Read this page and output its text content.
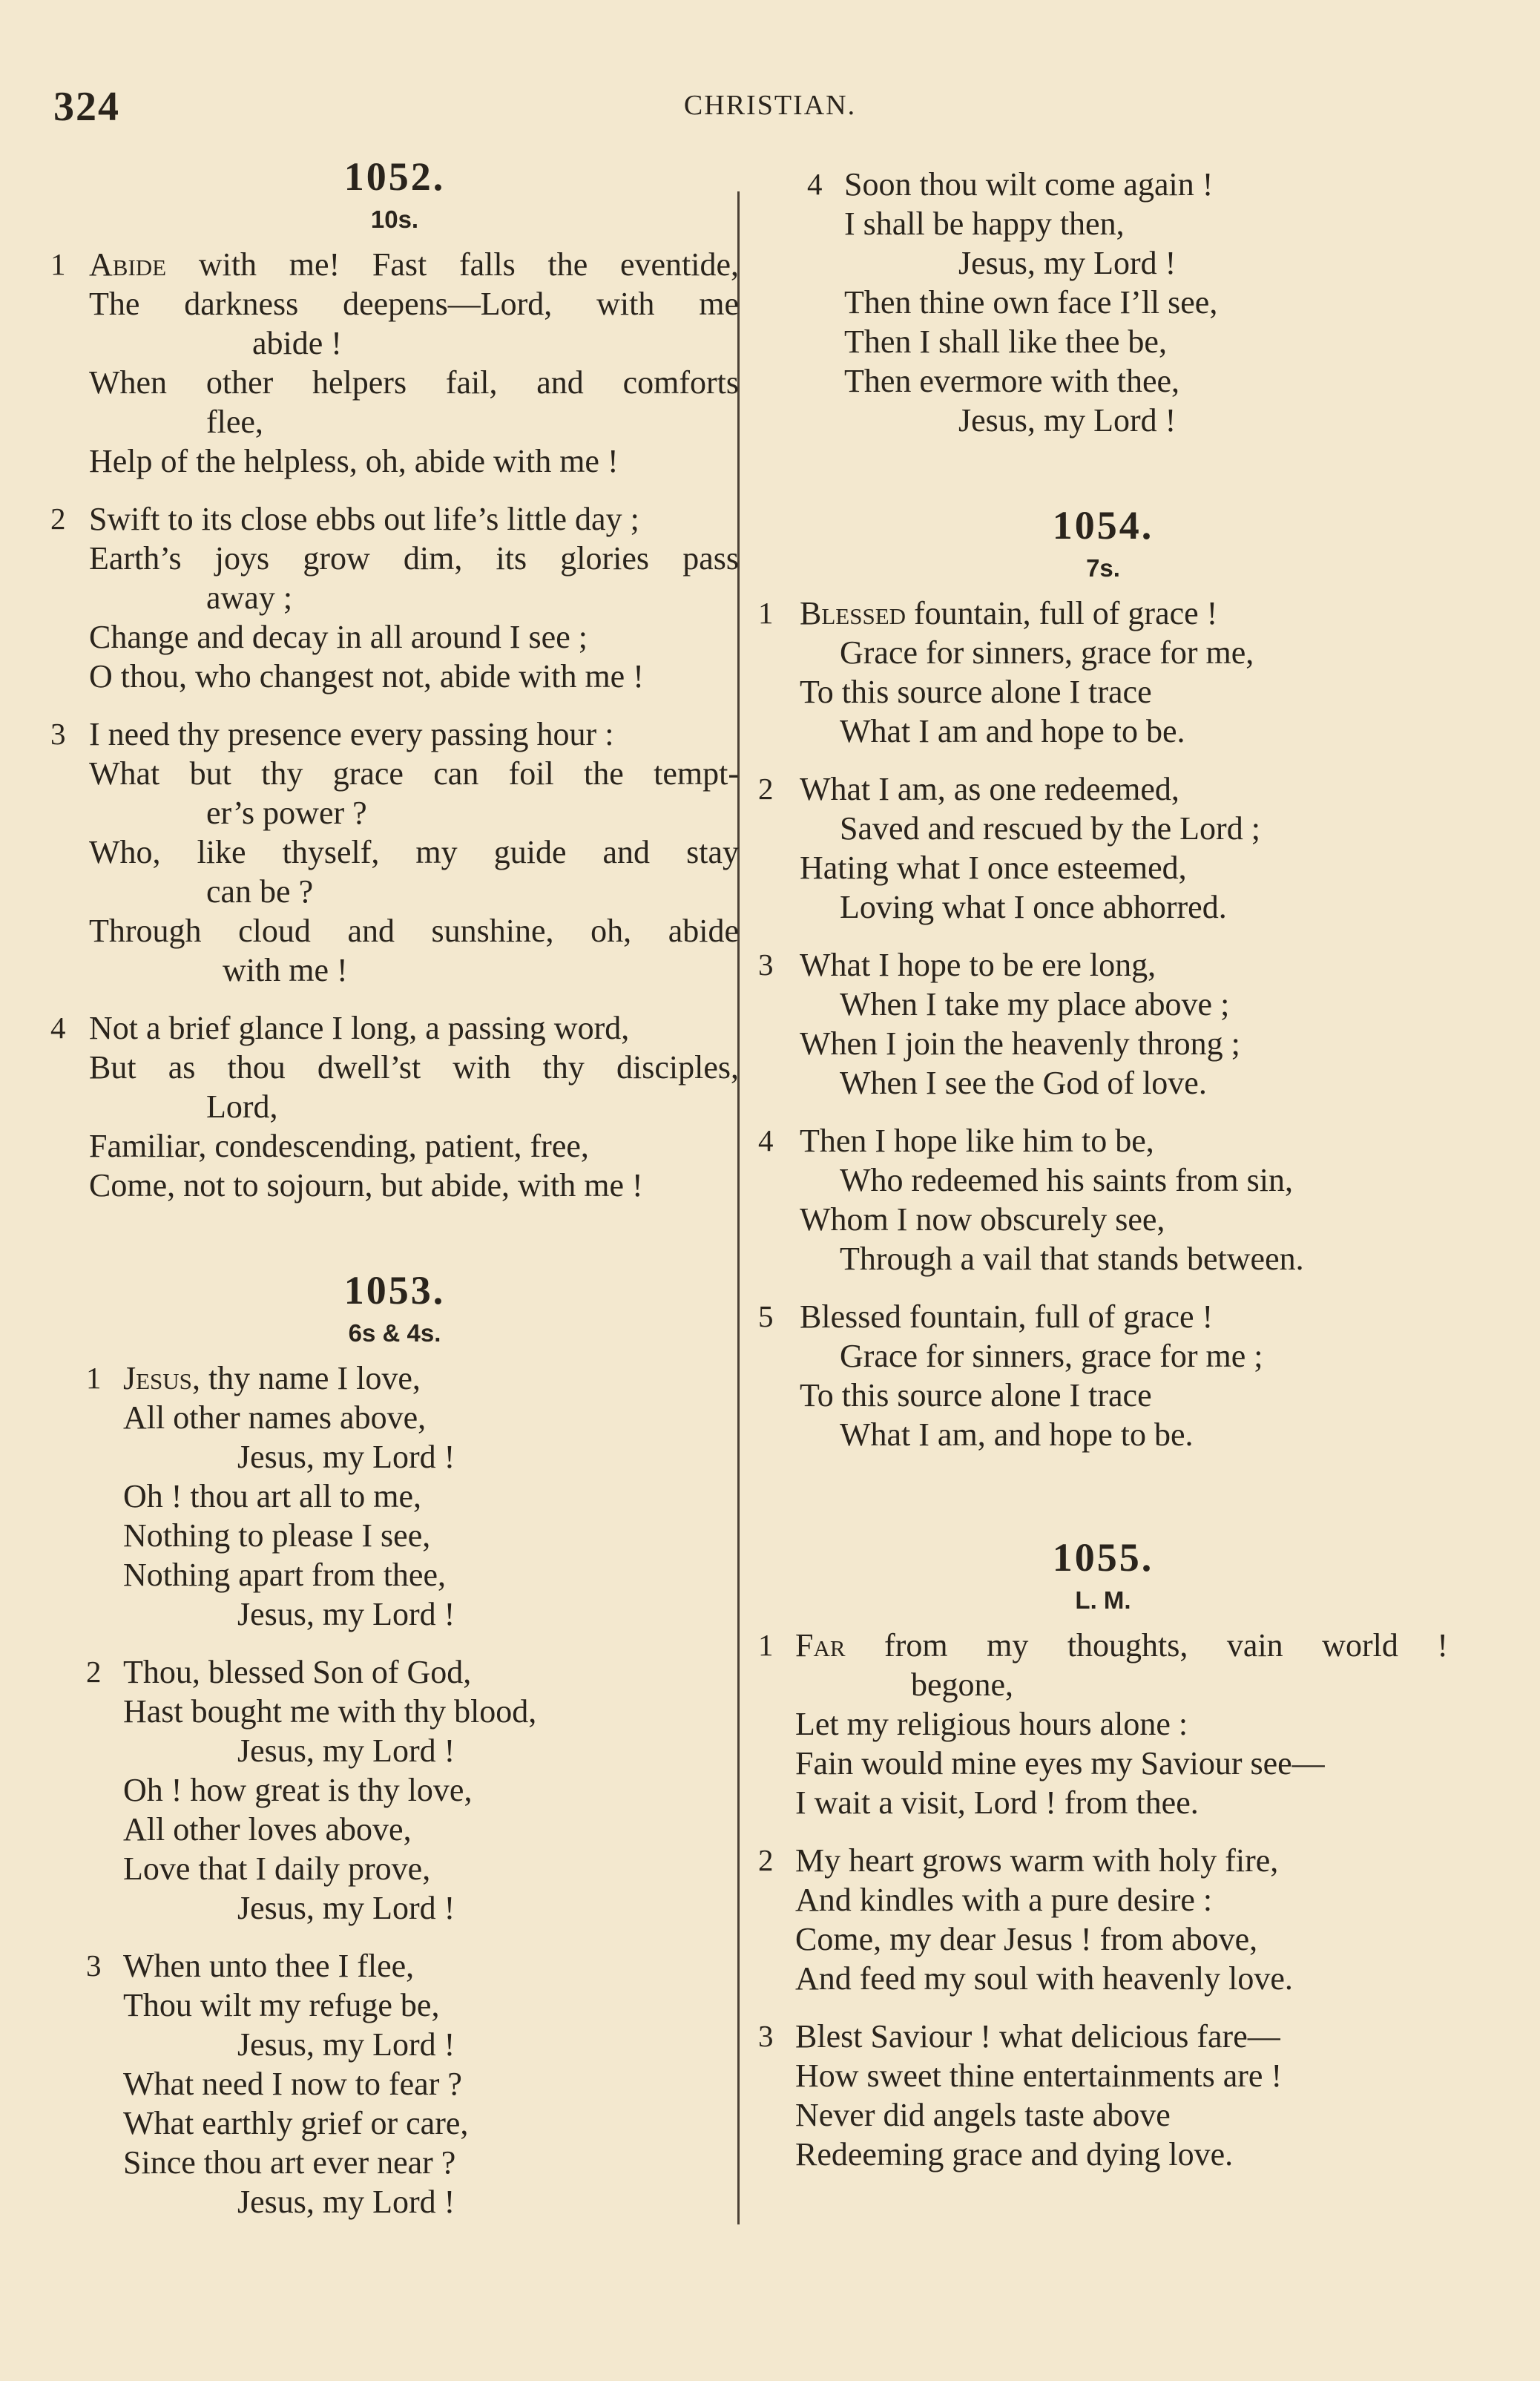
324	CHRISTIAN.
1052.
10s.
1 Abide with me! Fast falls the eventide,
The darkness deepens—Lord, with me
abide !
When other helpers fail, and comforts
flee,
Help of the helpless, oh, abide with me !
2 Swift to its close ebbs out life’s little day ;
Earth’s joys grow dim, its glories pass
away ;
Change and decay in all around I see ;
O thou, who changest not, abide with me !
3 I need thy presence every passing hour :
What but thy grace can foil the tempt-
er’s power ?
Who, like thyself, my guide and stay
can be ?
Through cloud and sunshine, oh, abide
with me !
4 Not a brief glance I long, a passing word,
But as thou dwell’st with thy disciples,
Lord,
Familiar, condescending, patient, free,
Come, not to sojourn, but abide, with me !
1053.
6s & 4s.
1 Jesus, thy name I love,
All other names above,
Jesus, my Lord !
Oh ! thou art all to me,
Nothing to please I see,
Nothing apart from thee,
Jesus, my Lord !
2 Thou, blessed Son of God,
Hast bought me with thy blood,
Jesus, my Lord !
Oh ! how great is thy love,
All other loves above,
Love that I daily prove,
Jesus, my Lord !
3 When unto thee I flee,
Thou wilt my refuge be,
Jesus, my Lord !
What need I now to fear ?
What earthly grief or care,
Since thou art ever near ?
Jesus, my Lord !
4 Soon thou wilt come again !
I shall be happy then,
Jesus, my Lord !
Then thine own face I’ll see,
Then I shall like thee be,
Then evermore with thee,
Jesus, my Lord !
1054.
7s.
1 Blessed fountain, full of grace !
Grace for sinners, grace for me,
To this source alone I trace
What I am and hope to be.
2 What I am, as one redeemed,
Saved and rescued by the Lord ;
Hating what I once esteemed,
Loving what I once abhorred.
3 What I hope to be ere long,
When I take my place above ;
When I join the heavenly throng ;
When I see the God of love.
4 Then I hope like him to be,
Who redeemed his saints from sin,
Whom I now obscurely see,
Through a vail that stands between.
5 Blessed fountain, full of grace !
Grace for sinners, grace for me ;
To this source alone I trace
What I am, and hope to be.
1055.
L. M.
1 Far from my thoughts, vain world !
begone,
Let my religious hours alone :
Fain would mine eyes my Saviour see—
I wait a visit, Lord ! from thee.
2 My heart grows warm with holy fire,
And kindles with a pure desire :
Come, my dear Jesus ! from above,
And feed my soul with heavenly love.
3 Blest Saviour ! what delicious fare—
How sweet thine entertainments are !
Never did angels taste above
Redeeming grace and dying love.
